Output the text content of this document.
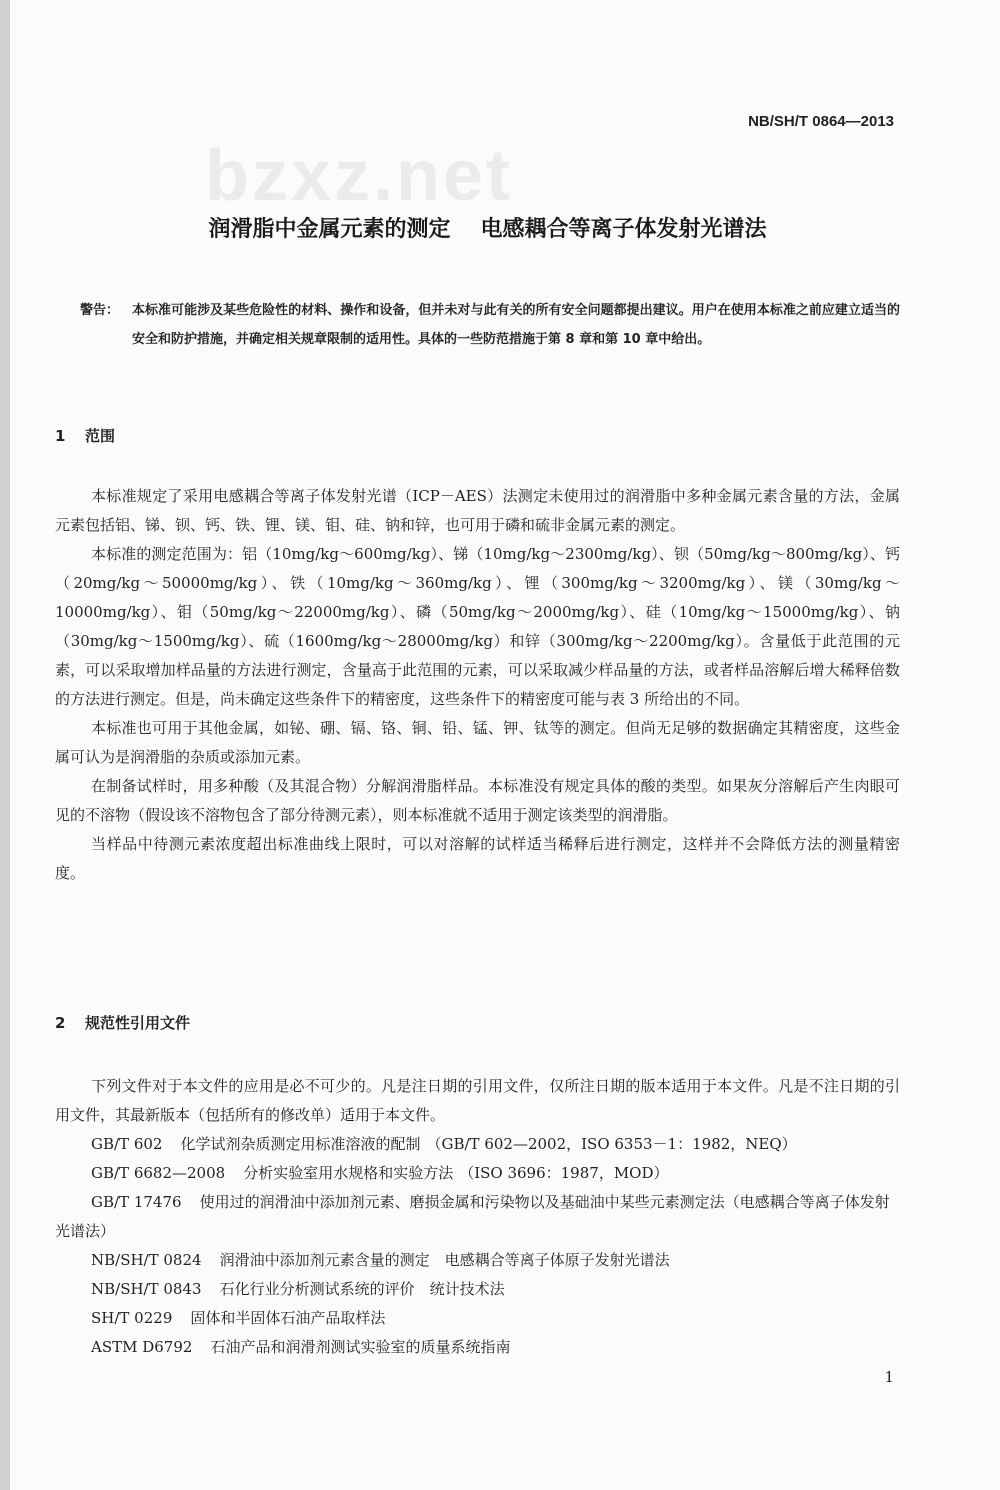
NB/SH/T 0864—2013
bzxz.net
润滑脂中金属元素的测定 电感耦合等离子体发射光谱法
警告： 本标准可能涉及某些危险性的材料、操作和设备，但并未对与此有关的所有安全问题都提出建议。用户在使用本标准之前应建立适当的安全和防护措施，并确定相关规章限制的适用性。具体的一些防范措施于第 8 章和第 10 章中给出。
1 范围

本标准规定了采用电感耦合等离子体发射光谱（ICP－AES）法测定未使用过的润滑脂中多种金属元素含量的方法，金属元素包括铝、锑、钡、钙、铁、锂、镁、钼、硅、钠和锌，也可用于磷和硫非金属元素的测定。

本标准的测定范围为：铝（10mg/kg～600mg/kg）、锑（10mg/kg～2300mg/kg）、钡（50mg/kg～800mg/kg）、钙（20mg/kg～50000mg/kg）、铁（10mg/kg～360mg/kg）、锂（300mg/kg～3200mg/kg）、镁（30mg/kg～10000mg/kg）、钼（50mg/kg～22000mg/kg）、磷（50mg/kg～2000mg/kg）、硅（10mg/kg～15000mg/kg）、钠（30mg/kg～1500mg/kg）、硫（1600mg/kg～28000mg/kg）和锌（300mg/kg～2200mg/kg）。含量低于此范围的元素，可以采取增加样品量的方法进行测定，含量高于此范围的元素，可以采取减少样品量的方法，或者样品溶解后增大稀释倍数的方法进行测定。但是，尚未确定这些条件下的精密度，这些条件下的精密度可能与表 3 所给出的不同。

本标准也可用于其他金属，如铋、硼、镉、铬、铜、铅、锰、钾、钛等的测定。但尚无足够的数据确定其精密度，这些金属可认为是润滑脂的杂质或添加元素。

在制备试样时，用多种酸（及其混合物）分解润滑脂样品。本标准没有规定具体的酸的类型。如果灰分溶解后产生肉眼可见的不溶物（假设该不溶物包含了部分待测元素），则本标准就不适用于测定该类型的润滑脂。

当样品中待测元素浓度超出标准曲线上限时，可以对溶解的试样适当稀释后进行测定，这样并不会降低方法的测量精密度。

2 规范性引用文件

下列文件对于本文件的应用是必不可少的。凡是注日期的引用文件，仅所注日期的版本适用于本文件。凡是不注日期的引用文件，其最新版本（包括所有的修改单）适用于本文件。

GB/T 602 化学试剂杂质测定用标准溶液的配制 （GB/T 602—2002，ISO 6353－1：1982，NEQ）

GB/T 6682—2008 分析实验室用水规格和实验方法 （ISO 3696：1987，MOD）

GB/T 17476 使用过的润滑油中添加剂元素、磨损金属和污染物以及基础油中某些元素测定法（电感耦合等离子体发射光谱法）

NB/SH/T 0824 润滑油中添加剂元素含量的测定　电感耦合等离子体原子发射光谱法

NB/SH/T 0843 石化行业分析测试系统的评价　统计技术法

SH/T 0229 固体和半固体石油产品取样法

ASTM D6792 石油产品和润滑剂测试实验室的质量系统指南

1
